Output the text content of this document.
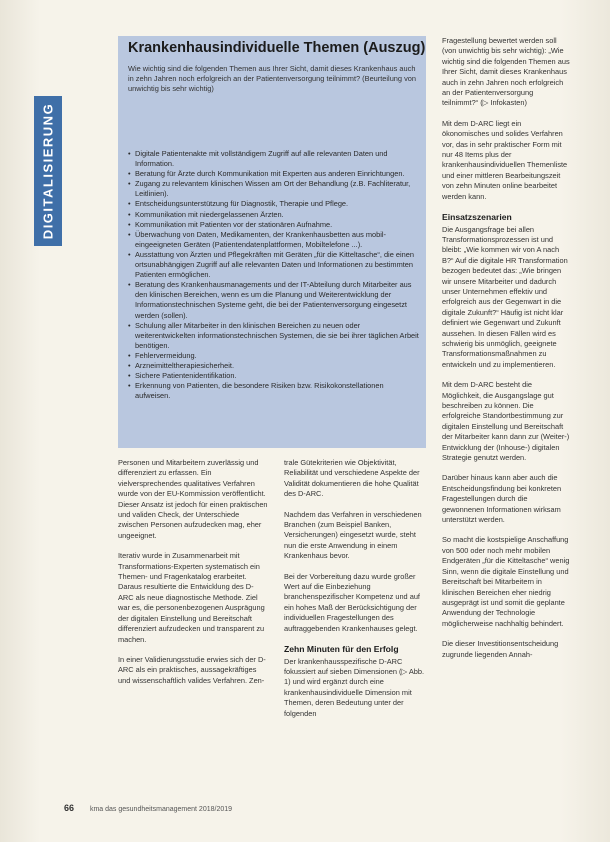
DIGITALISIERUNG
Krankenhausindividuelle Themen (Auszug)
Wie wichtig sind die folgenden Themen aus Ihrer Sicht, damit dieses Krankenhaus auch in zehn Jahren noch erfolgreich an der Patientenversorgung teilnimmt? (Beurteilung von unwichtig bis sehr wichtig)
• Digitale Patientenakte mit vollständigem Zugriff auf alle relevanten Daten und Information.
• Beratung für Ärzte durch Kommunikation mit Experten aus anderen Einrichtungen.
• Zugang zu relevantem klinischen Wissen am Ort der Behandlung (z.B. Fachliteratur, Leitlinien).
• Entscheidungsunterstützung für Diagnostik, Therapie und Pflege.
• Kommunikation mit niedergelassenen Ärzten.
• Kommunikation mit Patienten vor der stationären Aufnahme.
• Überwachung von Daten, Medikamenten, der Krankenhausbetten aus mobil-eingeeigneten Geräten (Patientendatenplattformen, Mobiltelefone ...).
• Ausstattung von Ärzten und Pflegekräften mit Geräten „für die Kitteltasche“, die einen ortsunabhängigen Zugriff auf alle relevanten Daten und Informationen zu bestimmten Patienten ermöglichen.
• Beratung des Krankenhausmanagements und der IT-Abteilung durch Mitarbeiter aus den klinischen Bereichen, wenn es um die Planung und Weiterentwicklung der Informationstechnischen Systeme geht, die bei der Patientenversorgung eingesetzt werden (sollen).
• Schulung aller Mitarbeiter in den klinischen Bereichen zu neuen oder weiterentwickelten informationstechnischen Systemen, die sie bei ihrer täglichen Arbeit benötigen.
• Fehlervermeidung.
• Arzneimitteltherapiesicherheit.
• Sichere Patientenidentifikation.
• Erkennung von Patienten, die besondere Risiken bzw. Risikokonstellationen aufweisen.

Personen und Mitarbeitern zuverlässig und differenziert zu erfassen. Ein vielversprechendes qualitatives Verfahren wurde von der EU-Kommission veröffentlicht. Dieser Ansatz ist jedoch für einen praktischen und validen Check, der Unterschiede zwischen Personen aufzudecken mag, eher ungeeignet.

Iterativ wurde in Zusammenarbeit mit Transformations-Experten systematisch ein Themen- und Fragenkatalog erarbeitet. Daraus resultierte die Entwicklung des D-ARC als neue diagnostische Methode. Ziel war es, die personenbezogenen Ausprägung der digitalen Einstellung und Bereitschaft differenziert aufzudecken und transparent zu machen.

In einer Validierungsstudie erwies sich der D-ARC als ein praktisches, aussagekräftiges und wissenschaftlich valides Verfahren. Zen-

trale Gütekriterien wie Objektivität, Reliabilität und verschiedene Aspekte der Validität dokumentieren die hohe Qualität des D-ARC.

Nachdem das Verfahren in verschiedenen Branchen (zum Beispiel Banken, Versicherungen) eingesetzt wurde, steht nun die erste Anwendung in einem Krankenhaus bevor.

Bei der Vorbereitung dazu wurde großer Wert auf die Einbeziehung branchenspezifischer Kompetenz und auf ein hohes Maß der Berücksichtigung der individuellen Fragestellungen des auftraggebenden Krankenhauses gelegt.

Zehn Minuten für den Erfolg

Der krankenhausspezifische D-ARC fokussiert auf sieben Dimensionen (▷ Abb. 1) und wird ergänzt durch eine krankenhausindividuelle Dimension mit Themen, deren Bedeutung unter der folgenden

Fragestellung bewertet werden soll (von unwichtig bis sehr wichtig): „Wie wichtig sind die folgenden Themen aus Ihrer Sicht, damit dieses Krankenhaus auch in zehn Jahren noch erfolgreich an der Patientenversorgung teilnimmt?“ (▷ Infokasten)

Mit dem D-ARC liegt ein ökonomisches und solides Verfahren vor, das in sehr praktischer Form mit nur 48 Items plus der krankenhausindividuellen Themenliste und einer mittleren Bearbeitungszeit von zehn Minuten online bearbeitet werden kann.

Einsatzszenarien

Die Ausgangsfrage bei allen Transformationsprozessen ist und bleibt: „Wie kommen wir von A nach B?“ Auf die digitale HR Transformation bezogen bedeutet das: „Wie bringen wir unsere Mitarbeiter und dadurch unser Unternehmen effektiv und erfolgreich aus der Gegenwart in die digitale Zukunft?“ Häufig ist nicht klar definiert wie Gegenwart und Zukunft aussehen. In diesen Fällen wird es schwierig bis unmöglich, geeignete Transformationsmaßnahmen zu entwickeln und zu implementieren.

Mit dem D-ARC besteht die Möglichkeit, die Ausgangslage gut beschreiben zu können. Die erfolgreiche Standortbestimmung zur digitalen Einstellung und Bereitschaft der Mitarbeiter kann dann zur (Weiter-) Entwicklung der (Inhouse-) digitalen Strategie genutzt werden.

Darüber hinaus kann aber auch die Entscheidungsfindung bei konkreten Fragestellungen durch die gewonnenen Informationen wirksam unterstützt werden.

So macht die kostspielige Anschaffung von 500 oder noch mehr mobilen Endgeräten „für die Kitteltasche“ wenig Sinn, wenn die digitale Einstellung und Bereitschaft bei Mitarbeitern in klinischen Bereichen eher niedrig ausgeprägt ist und somit die geplante Anwendung der Technologie möglicherweise nachhaltig behindert.

Die dieser Investitionsentscheidung zugrunde liegenden Annah-

66 kma das gesundheitsmanagement 2018/2019
